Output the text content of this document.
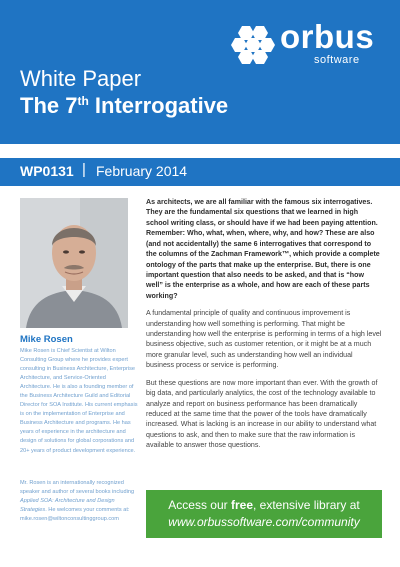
orbus
software
White Paper
The 7th Interrogative
WP0131 | February 2014
Mike Rosen
Mike Rosen is Chief Scientist at Wilton Consulting Group where he provides expert consulting in Business Architecture, Enterprise Architecture, and Service-Oriented Architecture. He is also a founding member of the Business Architecture Guild and Editorial Director for SOA Institute. His current emphasis is on the implementation of Enterprise and Business Architecture and programs. He has years of experience in the architecture and design of solutions for global corporations and 20+ years of product development experience.
Mr. Rosen is an internationally recognized speaker and author of several books including Applied SOA: Architecture and Design Strategies. He welcomes your comments at: mike.rosen@wiltonconsultinggroup.com

As architects, we are all familiar with the famous six interrogatives. They are the fundamental six questions that we learned in high school writing class, or should have if we had been paying attention. Remember: Who, what, when, where, why, and how? These are also (and not accidentally) the same 6 interrogatives that correspond to the columns of the Zachman Framework™, which provide a complete ontology of the parts that make up the enterprise. But, there is one important question that also needs to be asked, and that is “how well” is the enterprise as a whole, and how are each of these parts working?

A fundamental principle of quality and continuous improvement is understanding how well something is performing. That might be understanding how well the enterprise is performing in terms of a high level business objective, such as customer retention, or it might be at a much more granular level, such as understanding how well an individual business process or service is performing.

But these questions are now more important than ever. With the growth of big data, and particularly analytics, the cost of the technology available to analyze and report on business performance has been dramatically reduced at the same time that the power of the tools have dramatically increased. What is lacking is an increase in our ability to understand what questions to ask, and then to make sure that the raw information is available to answer those questions.

Access our free, extensive library at
www.orbussoftware.com/community
